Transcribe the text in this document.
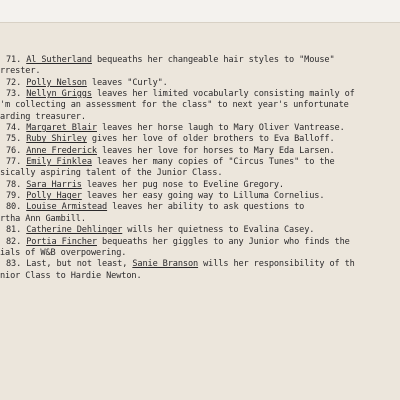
71. Al Sutherland bequeaths her changeable hair styles to "Mouse"
rrester.
72. Polly Nelson leaves "Curly".
73. Nellyn Griggs leaves her limited vocabularly consisting mainly of
'm collecting an assessment for the class" to next year's unfortunate
arding treasurer.
74. Margaret Blair leaves her horse laugh to Mary Oliver Vantrease.
75. Ruby Shirley gives her love of older brothers to Eva Balloff.
76. Anne Frederick leaves her love for horses to Mary Eda Larsen.
77. Emily Finklea leaves her many copies of "Circus Tunes" to the
sically aspiring talent of the Junior Class.
78. Sara Harris leaves her pug nose to Eveline Gregory.
79. Polly Hager leaves her easy going way to Lilluma Cornelius.
80. Louise Armistead leaves her ability to ask questions to
rtha Ann Gambill.
81. Catherine Dehlinger wills her quietness to Evalina Casey.
82. Portia Fincher bequeaths her giggles to any Junior who finds the
ials of W&B overpowering.
83. Last, but not least, Sanie Branson wills her responsibility of th
nior Class to Hardie Newton.
